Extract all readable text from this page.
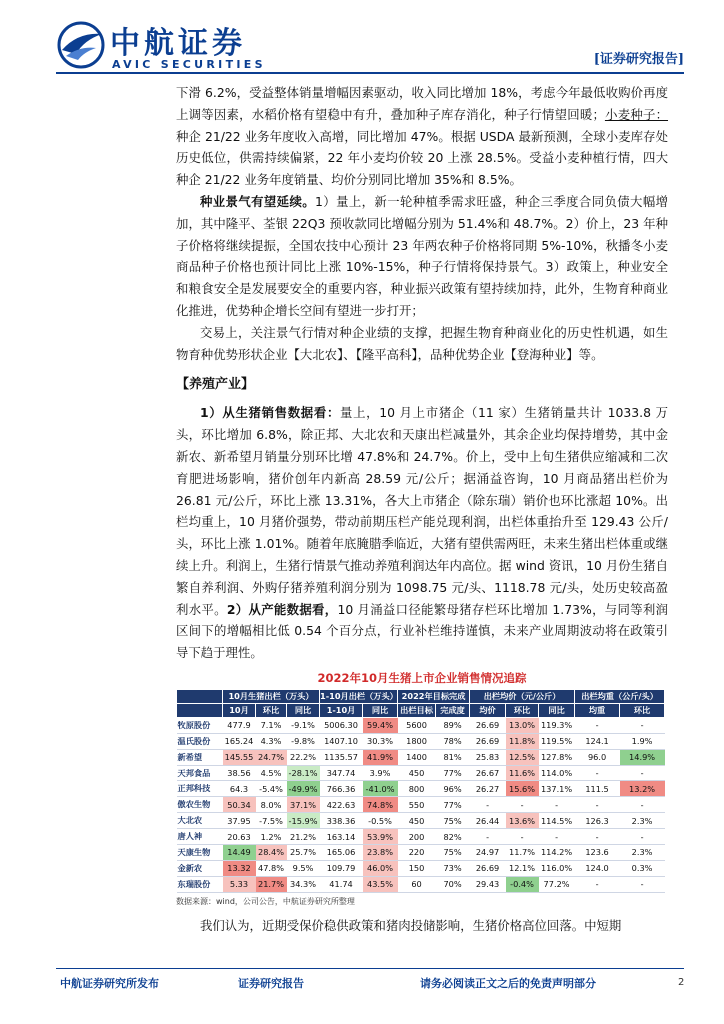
中航证券
AVIC SECURITIES	[证券研究报告]

下滑 6.2%，受益整体销量增幅因素驱动，收入同比增加 18%，考虑今年最低收购价再度上调等因素，水稻价格有望稳中有升，叠加种子库存消化，种子行情望回暖；小麦种子：种企 21/22 业务年度收入高增，同比增加 47%。根据 USDA 最新预测，全球小麦库存处历史低位，供需持续偏紧，22 年小麦均价较 20 上涨 28.5%。受益小麦种植行情，四大种企 21/22 业务年度销量、均价分别同比增加 35%和 8.5%。

种业景气有望延续。1）量上，新一轮种植季需求旺盛，种企三季度合同负债大幅增加，其中隆平、荃银 22Q3 预收款同比增幅分别为 51.4%和 48.7%。2）价上，23 年种子价格将继续提振，全国农技中心预计 23 年两农种子价格将同期 5%-10%，秋播冬小麦商品种子价格也预计同比上涨 10%-15%，种子行情将保持景气。3）政策上，种业安全和粮食安全是发展要安全的重要内容，种业振兴政策有望持续加持，此外，生物育种商业化推进，优势种企增长空间有望进一步打开；

交易上，关注景气行情对种企业绩的支撑，把握生物育种商业化的历史性机遇，如生物育种优势形状企业【大北农】、【隆平高科】，品种优势企业【登海种业】等。

【养殖产业】

1）从生猪销售数据看：量上，10 月上市猪企（11 家）生猪销量共计 1033.8 万头，环比增加 6.8%，除正邦、大北农和天康出栏减量外，其余企业均保持增势，其中金新农、新希望月销量分别环比增 47.8%和 24.7%。价上，受中上旬生猪供应缩减和二次育肥进场影响，猪价创年内新高 28.59 元/公斤；据涌益咨询，10 月商品猪出栏价为 26.81 元/公斤，环比上涨 13.31%，各大上市猪企（除东瑞）销价也环比涨超 10%。出栏均重上，10 月猪价强势，带动前期压栏产能兑现利润，出栏体重抬升至 129.43 公斤/头，环比上涨 1.01%。随着年底腌腊季临近，大猪有望供需两旺，未来生猪出栏体重或继续上升。利润上，生猪行情景气推动养殖利润达年内高位。据 wind 资讯，10 月份生猪自繁自养利润、外购仔猪养殖利润分别为 1098.75 元/头、1118.78 元/头，处历史较高盈利水平。2）从产能数据看，10 月涌益口径能繁母猪存栏环比增加 1.73%，与同等利润区间下的增幅相比低 0.54 个百分点，行业补栏维持谨慎，未来产业周期波动将在政策引导下趋于理性。

2022年10月生猪上市企业销售情况追踪
	10月生猪出栏（万头）			1-10月出栏（万头）		2022年目标完成		出栏均价（元/公斤）			出栏均重（公斤/头）	
	10月	环比	同比	1-10月	同比	出栏目标	完成度	均价	环比	同比	均重	环比
牧原股份	477.9	7.1%	-9.1%	5006.30	59.4%	5600	89%	26.69	13.0%	119.3%	-	-
温氏股份	165.24	4.3%	-9.8%	1407.10	30.3%	1800	78%	26.69	11.8%	119.5%	124.1	1.9%
新希望	145.55	24.7%	22.2%	1135.57	41.9%	1400	81%	25.83	12.5%	127.8%	96.0	14.9%
天邦食品	38.56	4.5%	-28.1%	347.74	3.9%	450	77%	26.67	11.6%	114.0%	-	-
正邦科技	64.3	-5.4%	-49.9%	766.36	-41.0%	800	96%	26.27	15.6%	137.1%	111.5	13.2%
傲农生物	50.34	8.0%	37.1%	422.63	74.8%	550	77%	-	-	-	-	-
大北农	37.95	-7.5%	-15.9%	338.36	-0.5%	450	75%	26.44	13.6%	114.5%	126.3	2.3%
唐人神	20.63	1.2%	21.2%	163.14	53.9%	200	82%	-	-	-	-	-
天康生物	14.49	28.4%	25.7%	165.06	23.8%	220	75%	24.97	11.7%	114.2%	123.6	2.3%
金新农	13.32	47.8%	9.5%	109.79	46.0%	150	73%	26.69	12.1%	116.0%	124.0	0.3%
东瑞股份	5.33	21.7%	34.3%	41.74	43.5%	60	70%	29.43	-0.4%	77.2%	-	-
数据来源：wind，公司公告，中航证券研究所整理

我们认为，近期受保价稳供政策和猪肉投储影响，生猪价格高位回落。中短期

中航证券研究所发布	证券研究报告	请务必阅读正文之后的免责声明部分	2
